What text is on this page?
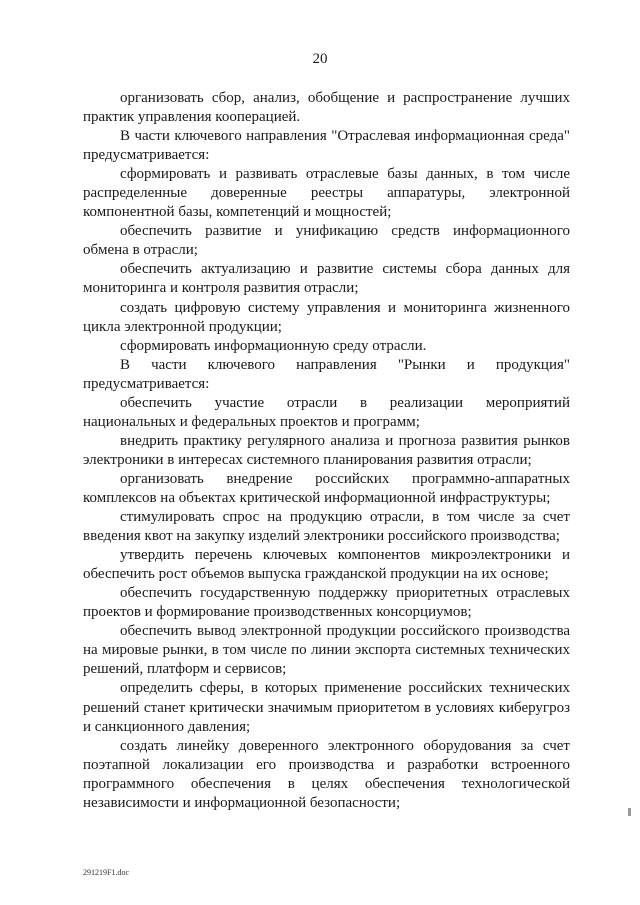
20

организовать сбор, анализ, обобщение и распространение лучших практик управления кооперацией.

В части ключевого направления "Отраслевая информационная среда" предусматривается:

сформировать и развивать отраслевые базы данных, в том числе распределенные доверенные реестры аппаратуры, электронной компонентной базы, компетенций и мощностей;

обеспечить развитие и унификацию средств информационного обмена в отрасли;

обеспечить актуализацию и развитие системы сбора данных для мониторинга и контроля развития отрасли;

создать цифровую систему управления и мониторинга жизненного цикла электронной продукции;

сформировать информационную среду отрасли.

В части ключевого направления "Рынки и продукция" предусматривается:

обеспечить участие отрасли в реализации мероприятий национальных и федеральных проектов и программ;

внедрить практику регулярного анализа и прогноза развития рынков электроники в интересах системного планирования развития отрасли;

организовать внедрение российских программно-аппаратных комплексов на объектах критической информационной инфраструктуры;

стимулировать спрос на продукцию отрасли, в том числе за счет введения квот на закупку изделий электроники российского производства;

утвердить перечень ключевых компонентов микроэлектроники и обеспечить рост объемов выпуска гражданской продукции на их основе;

обеспечить государственную поддержку приоритетных отраслевых проектов и формирование производственных консорциумов;

обеспечить вывод электронной продукции российского производства на мировые рынки, в том числе по линии экспорта системных технических решений, платформ и сервисов;

определить сферы, в которых применение российских технических решений станет критически значимым приоритетом в условиях киберугроз и санкционного давления;

создать линейку доверенного электронного оборудования за счет поэтапной локализации его производства и разработки встроенного программного обеспечения в целях обеспечения технологической независимости и информационной безопасности;

291219F1.doc
